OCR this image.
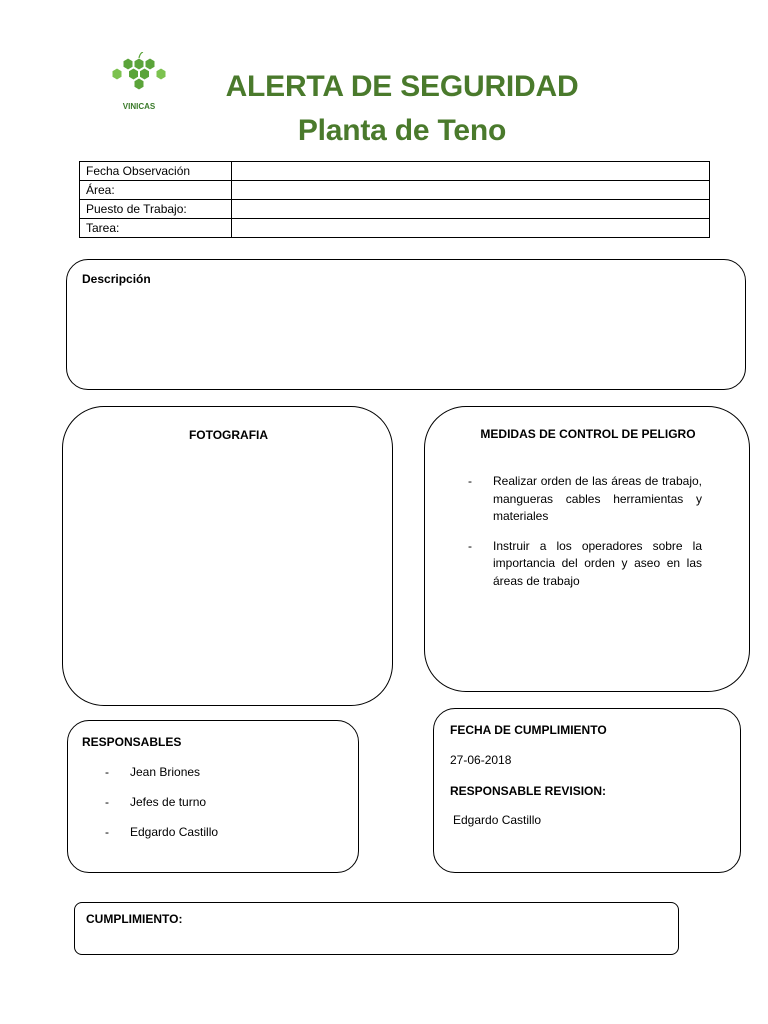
VINICAS
ALERTA DE SEGURIDAD
Planta de Teno
Fecha Observación	
Área:	
Puesto de Trabajo:	
Tarea:	
Descripción
FOTOGRAFIA	MEDIDAS DE CONTROL DE PELIGRO
- Realizar orden de las áreas de trabajo, mangueras cables herramientas y materiales
- Instruir a los operadores sobre la importancia del orden y aseo en las áreas de trabajo
RESPONSABLES
- Jean Briones
- Jefes de turno
- Edgardo Castillo
FECHA DE CUMPLIMIENTO
27-06-2018
RESPONSABLE REVISION:
Edgardo Castillo
CUMPLIMIENTO:
